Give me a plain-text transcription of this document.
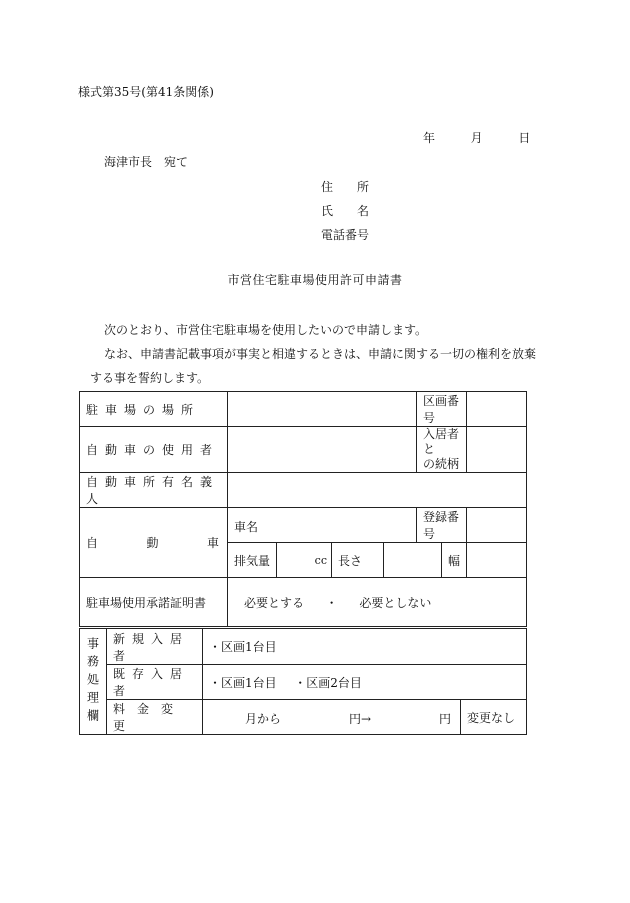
様式第35号(第41条関係)
年	月	日
海津市長　宛て
住　　所
氏　　名
電話番号
市営住宅駐車場使用許可申請書

次のとおり、市営住宅駐車場を使用したいので申請します。

なお、申請書記載事項が事実と相違するときは、申請に関する一切の権利を放棄する事を誓約します。

駐車場の場所					区画番号		
自動車の使用者					入居者と
の続柄		

自動車所有名義人							

自 動 車	車名				登録番号		
	排気量	cc	長さ			幅	
駐車場使用承諾証明書	必要とする ・ 必要としない						
事務処理欄	新規入居者	・区画1台目	
	既存入居者	・区画1台目 ・区画2台目	
	料金変更	月から 円→ 円	変更なし
